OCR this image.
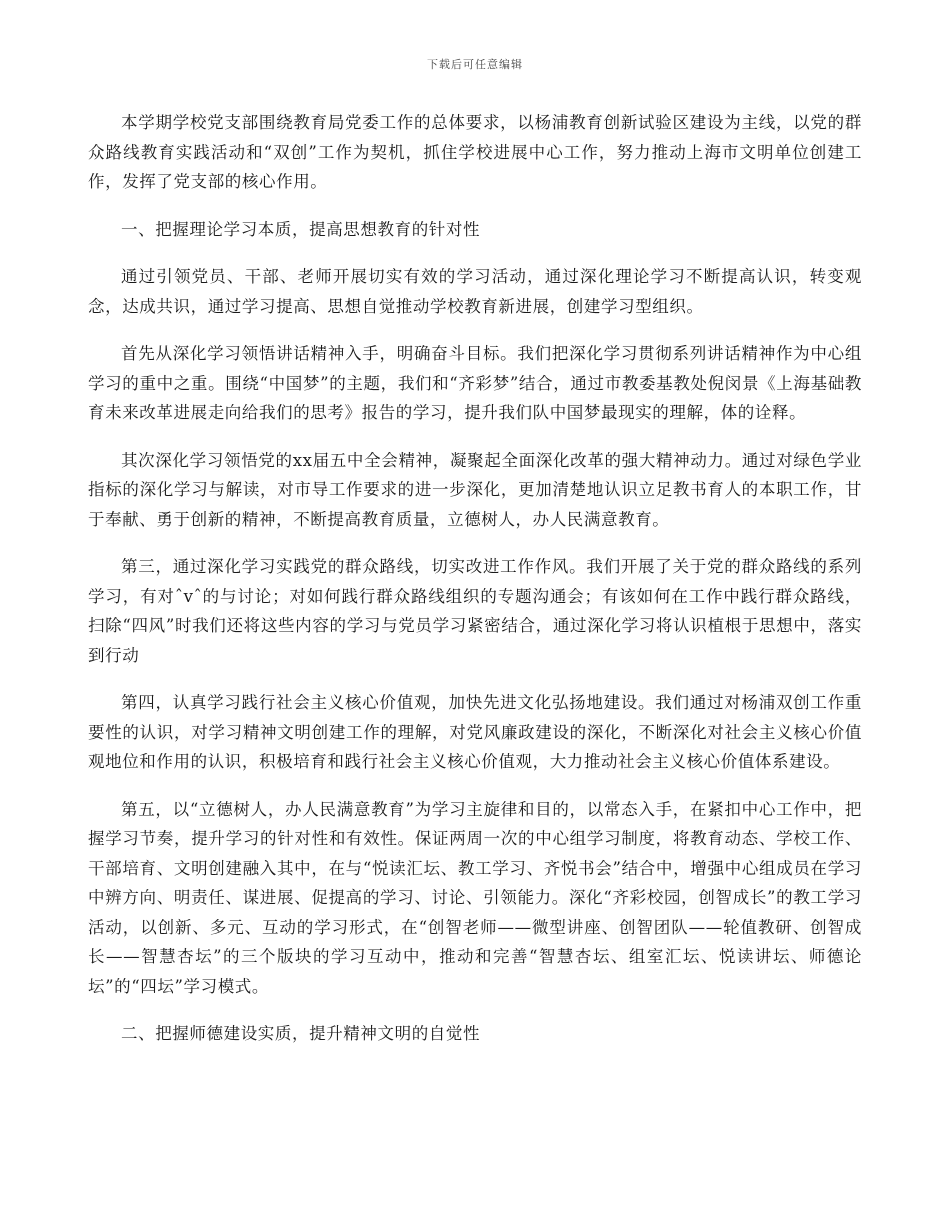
下载后可任意编辑

本学期学校党支部围绕教育局党委工作的总体要求，以杨浦教育创新试验区建设为主线，以党的群众路线教育实践活动和“双创”工作为契机，抓住学校进展中心工作，努力推动上海市文明单位创建工作，发挥了党支部的核心作用。

一、把握理论学习本质，提高思想教育的针对性

通过引领党员、干部、老师开展切实有效的学习活动，通过深化理论学习不断提高认识，转变观念，达成共识，通过学习提高、思想自觉推动学校教育新进展，创建学习型组织。

首先从深化学习领悟讲话精神入手，明确奋斗目标。我们把深化学习贯彻系列讲话精神作为中心组学习的重中之重。围绕“中国梦”的主题，我们和“齐彩梦”结合，通过市教委基教处倪闵景《上海基础教育未来改革进展走向给我们的思考》报告的学习，提升我们队中国梦最现实的理解，体的诠释。

其次深化学习领悟党的xx届五中全会精神，凝聚起全面深化改革的强大精神动力。通过对绿色学业指标的深化学习与解读，对市导工作要求的进一步深化，更加清楚地认识立足教书育人的本职工作，甘于奉献、勇于创新的精神，不断提高教育质量，立德树人，办人民满意教育。

第三，通过深化学习实践党的群众路线，切实改进工作作风。我们开展了关于党的群众路线的系列学习，有对ˆvˆ的与讨论；对如何践行群众路线组织的专题沟通会；有该如何在工作中践行群众路线，扫除“四风”时我们还将这些内容的学习与党员学习紧密结合，通过深化学习将认识植根于思想中，落实到行动

第四，认真学习践行社会主义核心价值观，加快先进文化弘扬地建设。我们通过对杨浦双创工作重要性的认识，对学习精神文明创建工作的理解，对党风廉政建设的深化，不断深化对社会主义核心价值观地位和作用的认识，积极培育和践行社会主义核心价值观，大力推动社会主义核心价值体系建设。

第五，以“立德树人，办人民满意教育”为学习主旋律和目的，以常态入手，在紧扣中心工作中，把握学习节奏，提升学习的针对性和有效性。保证两周一次的中心组学习制度，将教育动态、学校工作、干部培育、文明创建融入其中，在与“悦读汇坛、教工学习、齐悦书会”结合中，增强中心组成员在学习中辨方向、明责任、谋进展、促提高的学习、讨论、引领能力。深化“齐彩校园，创智成长”的教工学习活动，以创新、多元、互动的学习形式，在“创智老师——微型讲座、创智团队——轮值教研、创智成长——智慧杏坛”的三个版块的学习互动中，推动和完善“智慧杏坛、组室汇坛、悦读讲坛、师德论坛”的“四坛”学习模式。

二、把握师德建设实质，提升精神文明的自觉性
